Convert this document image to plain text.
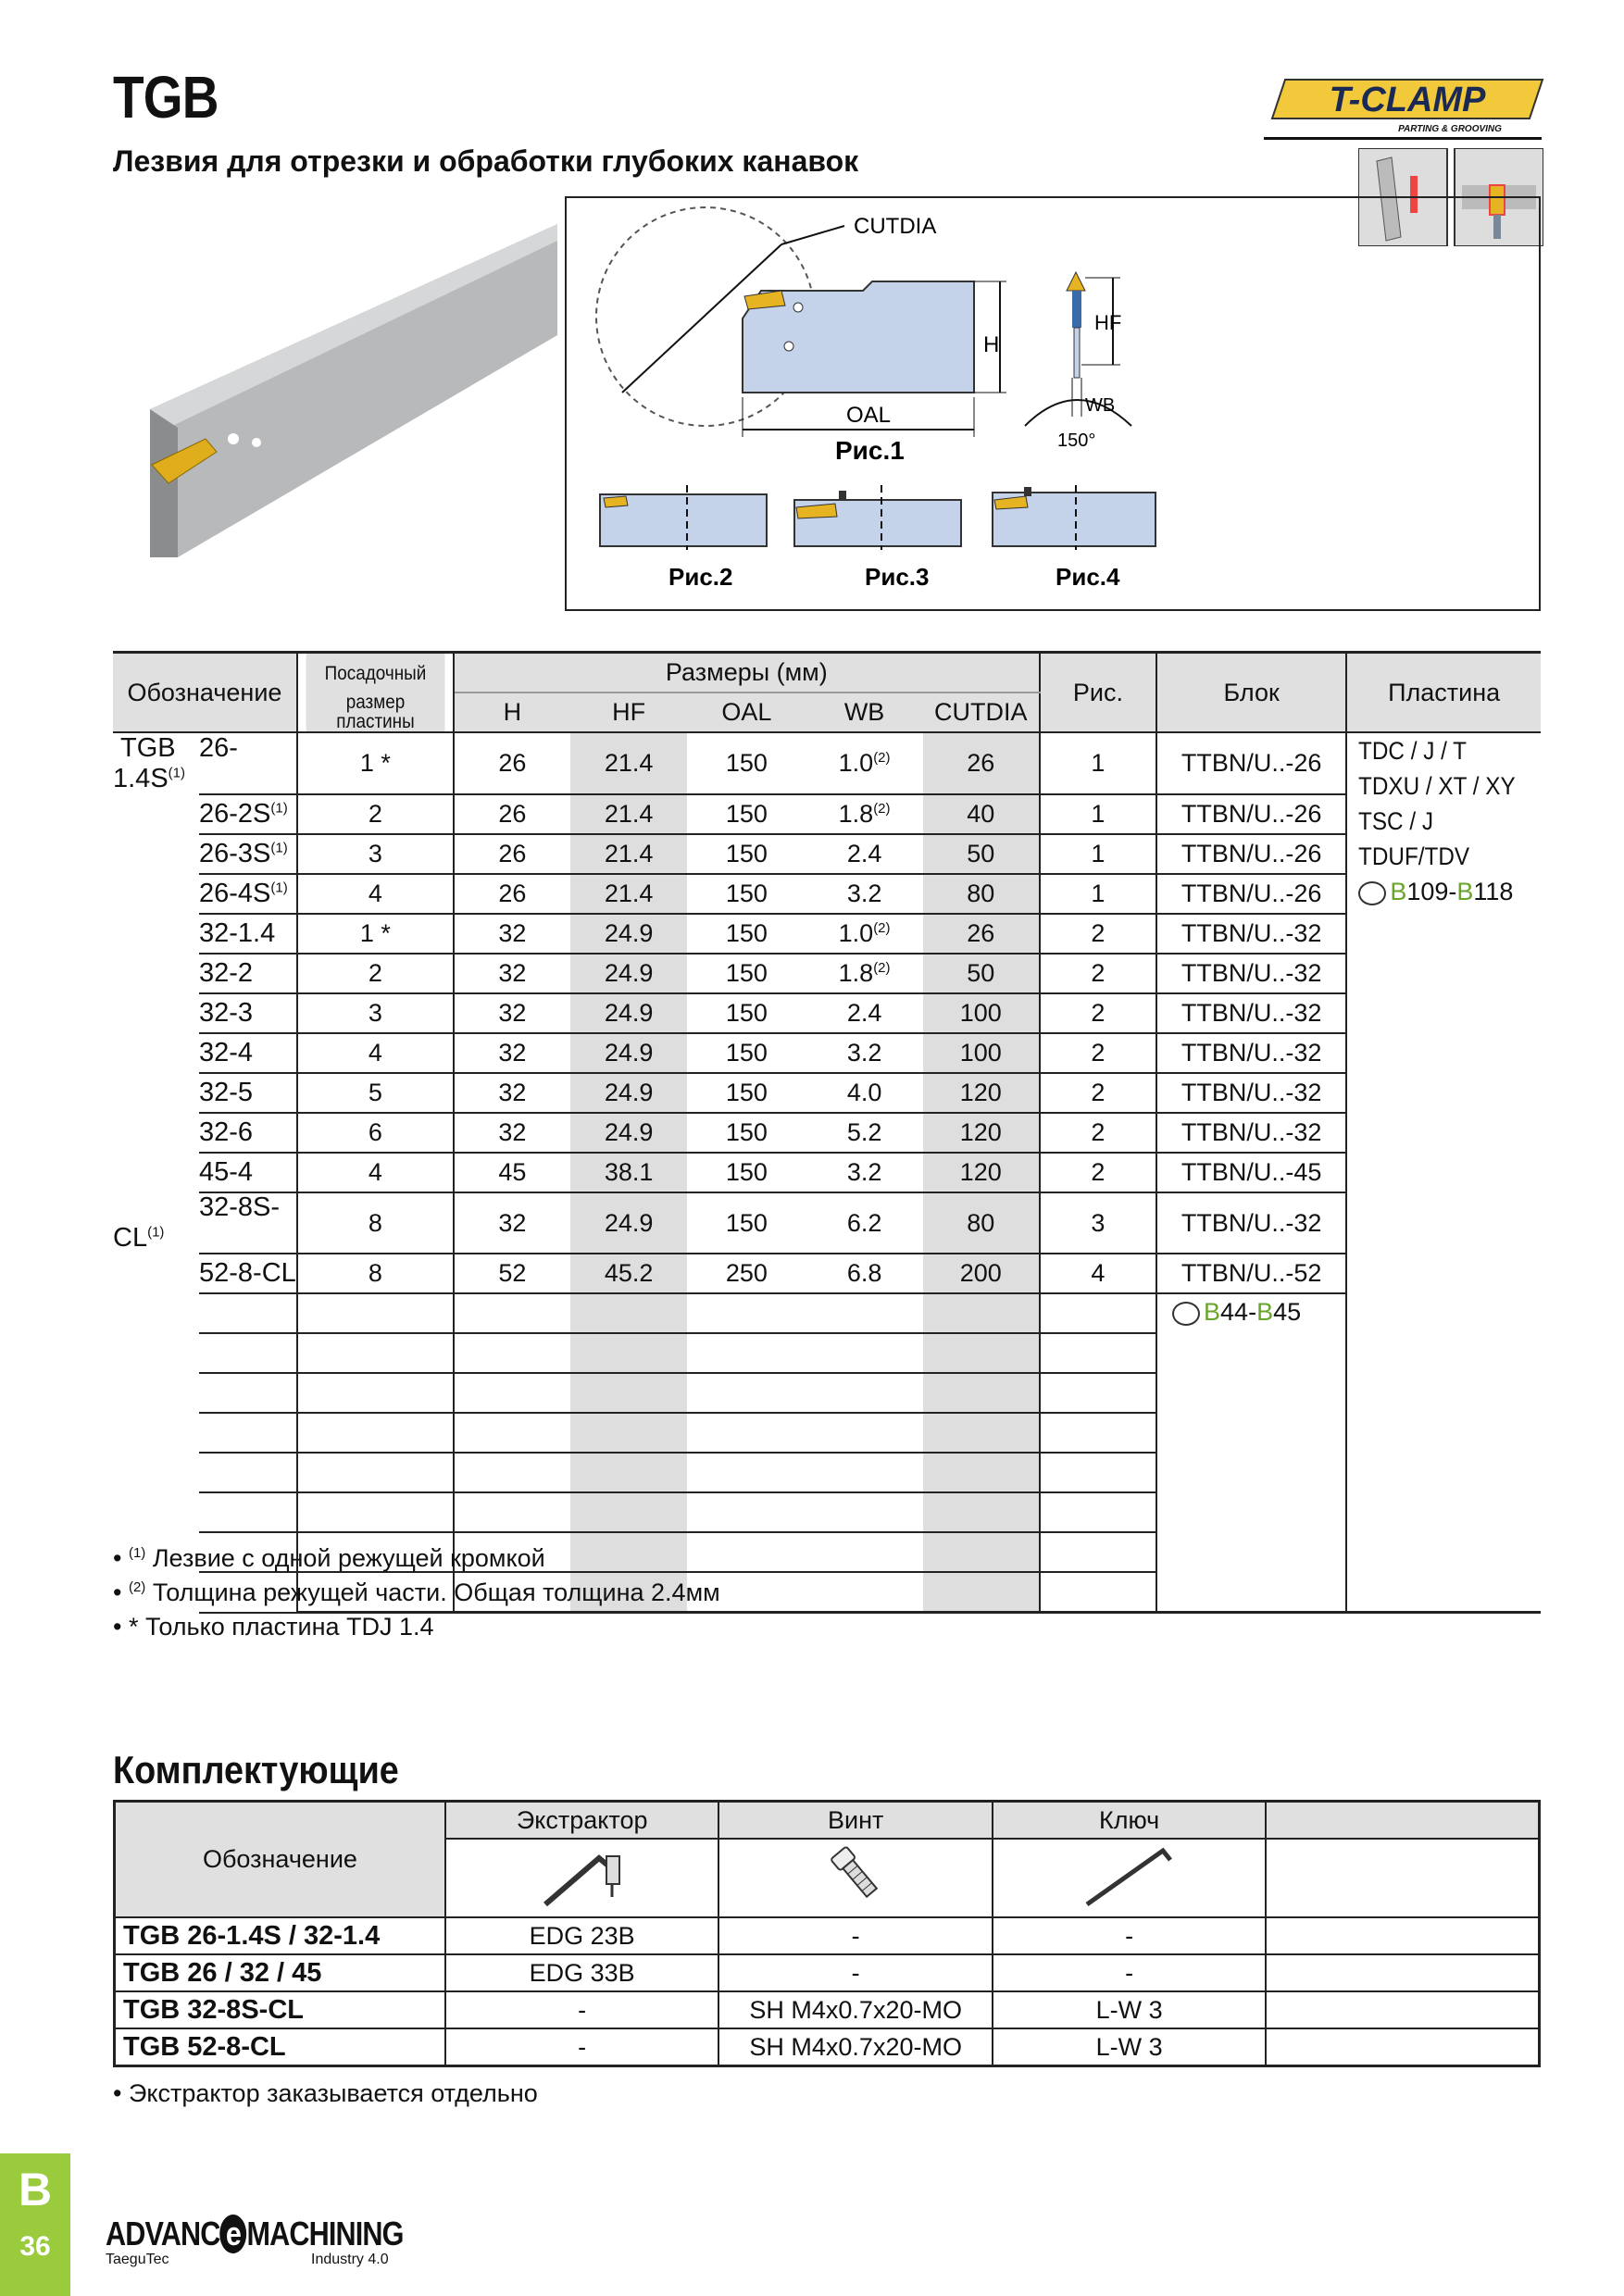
TGB
Лезвия для отрезки и обработки глубоких канавок
T-CLAMP
PARTING & GROOVING
CUTDIA
H
OAL
Рис.1
HF
WB
150°
Рис.2	Рис.3	Рис.4
Обозначение	Посадочный	Размеры (мм)					Рис.	Блок	Пластина
	размер пластины	H	HF	OAL	WB	CUTDIA			
TGB $26-1.4S^{(1)}$	1 *	26	21.4	150	1.0$^{(2)}$	26	1	TTBN/U..-26	TDC / J / T
TDXU / XT / XY
TSC / J
TDUF/TDV
B109-B118

$26-2S^{(1)}$	2	26	21.4	150	1.8$^{(2)}$	40	1	TTBN/U..-26	
$26-3S^{(1)}$	3	26	21.4	150	2.4	50	1	TTBN/U..-26	
$26-4S^{(1)}$	4	26	21.4	150	3.2	80	1	TTBN/U..-26	
32-1.4	1 *	32	24.9	150	1.0$^{(2)}$	26	2	TTBN/U..-32	
32-2	2	32	24.9	150	1.8$^{(2)}$	50	2	TTBN/U..-32	
32-3	3	32	24.9	150	2.4	100	2	TTBN/U..-32	
32-4	4	32	24.9	150	3.2	100	2	TTBN/U..-32	
32-5	5	32	24.9	150	4.0	120	2	TTBN/U..-32	
32-6	6	32	24.9	150	5.2	120	2	TTBN/U..-32	
45-4	4	45	38.1	150	3.2	120	2	TTBN/U..-45	
32-8S-CL$^{(1)}$	8	32	24.9	150	6.2	80	3	TTBN/U..-32	
52-8-CL	8	52	45.2	250	6.8	200	4	TTBN/U..-52	

								B44-B45	

• $^{(1)}$ Лезвие с одной режущей кромкой
• $^{(2)}$ Толщина режущей части. Общая толщина 2.4мм
• * Только пластина TDJ 1.4
Комплектующие
Обозначение	Экстрактор	Винт	Ключ	

TGB 26-1.4S / 32-1.4	EDG 23B	-	-	
TGB 26 / 32 / 45	EDG 33B	-	-	
TGB 32-8S-CL	-	SH M4x0.7x20-MO	L-W 3	
TGB 52-8-CL	-	SH M4x0.7x20-MO	L-W 3	
• Экстрактор заказывается отдельно
B
36	ADVANC e MACHINING
TaeguTec	Industry 4.0
